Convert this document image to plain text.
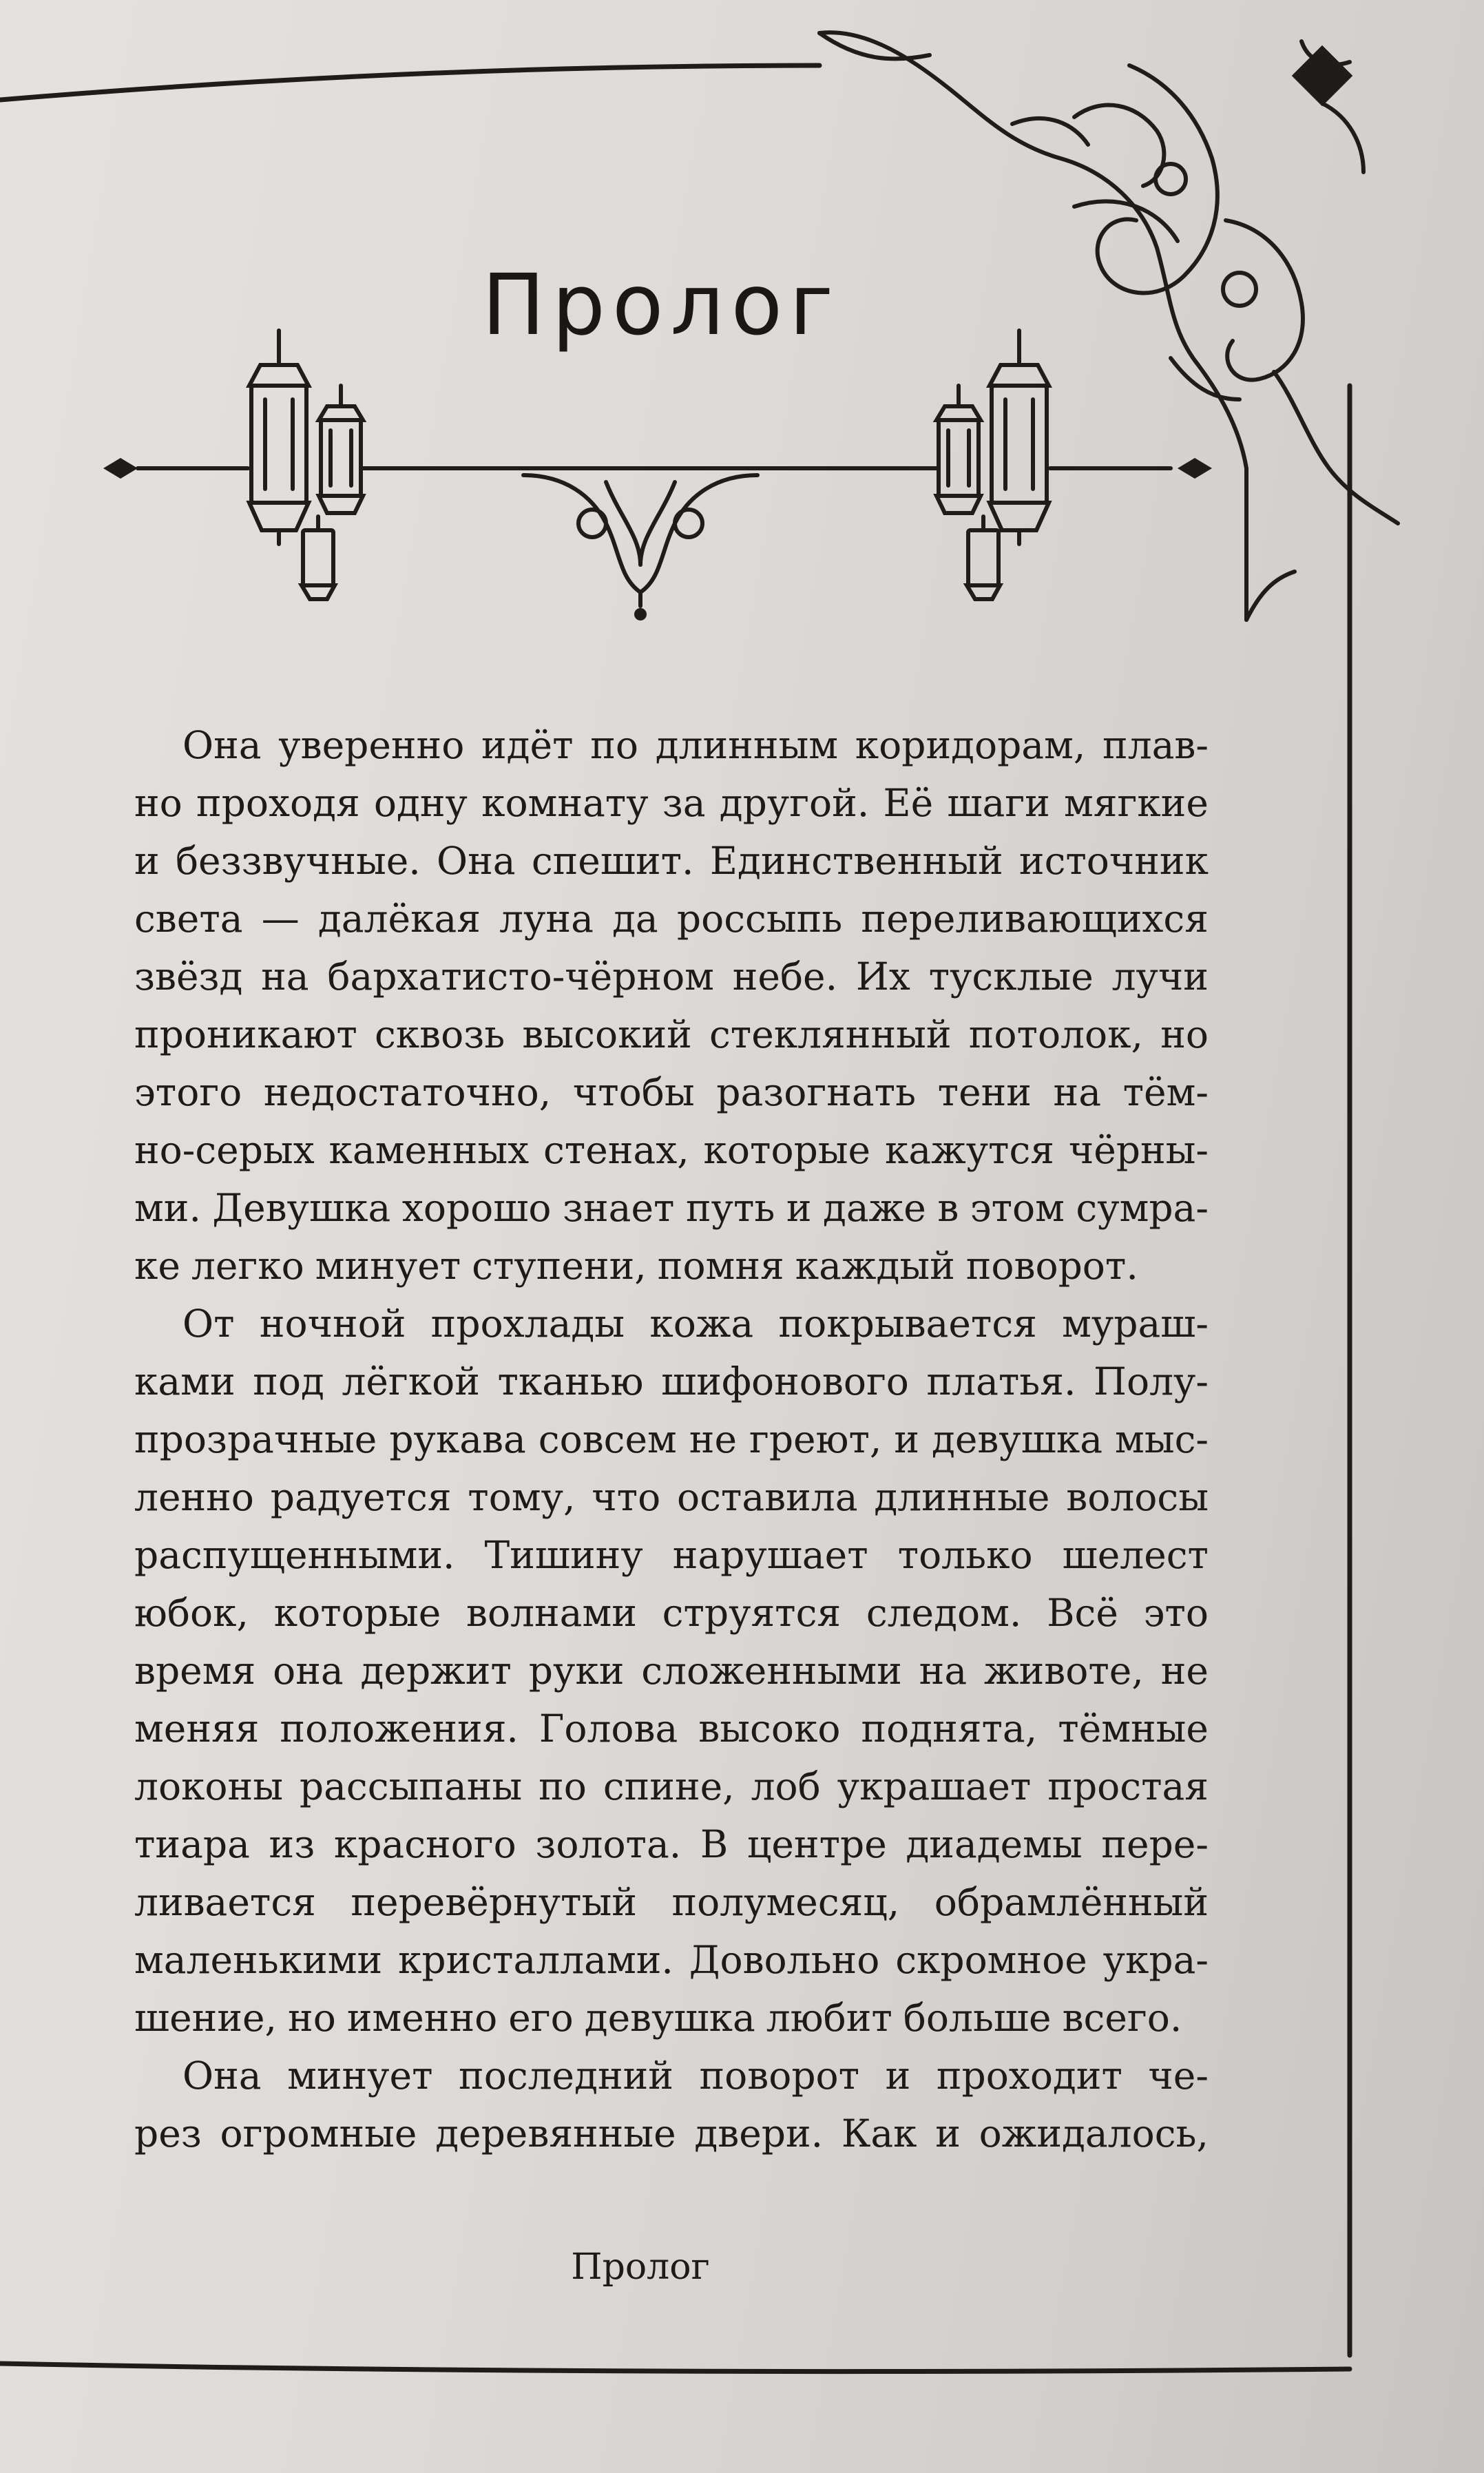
Пролог
Она уверенно идёт по длинным коридорам, плав-
но проходя одну комнату за другой. Её шаги мягкие
и беззвучные. Она спешит. Единственный источник
света — далёкая луна да россыпь переливающихся
звёзд на бархатисто-чёрном небе. Их тусклые лучи
проникают сквозь высокий стеклянный потолок, но
этого недостаточно, чтобы разогнать тени на тём-
но-серых каменных стенах, которые кажутся чёрны-
ми. Девушка хорошо знает путь и даже в этом сумра-
ке легко минует ступени, помня каждый поворот.
От ночной прохлады кожа покрывается мураш-
ками под лёгкой тканью шифонового платья. Полу-
прозрачные рукава совсем не греют, и девушка мыс-
ленно радуется тому, что оставила длинные волосы
распущенными. Тишину нарушает только шелест
юбок, которые волнами струятся следом. Всё это
время она держит руки сложенными на животе, не
меняя положения. Голова высоко поднята, тёмные
локоны рассыпаны по спине, лоб украшает простая
тиара из красного золота. В центре диадемы пере-
ливается перевёрнутый полумесяц, обрамлённый
маленькими кристаллами. Довольно скромное укра-
шение, но именно его девушка любит больше всего.
Она минует последний поворот и проходит че-
рез огромные деревянные двери. Как и ожидалось,
Пролог
